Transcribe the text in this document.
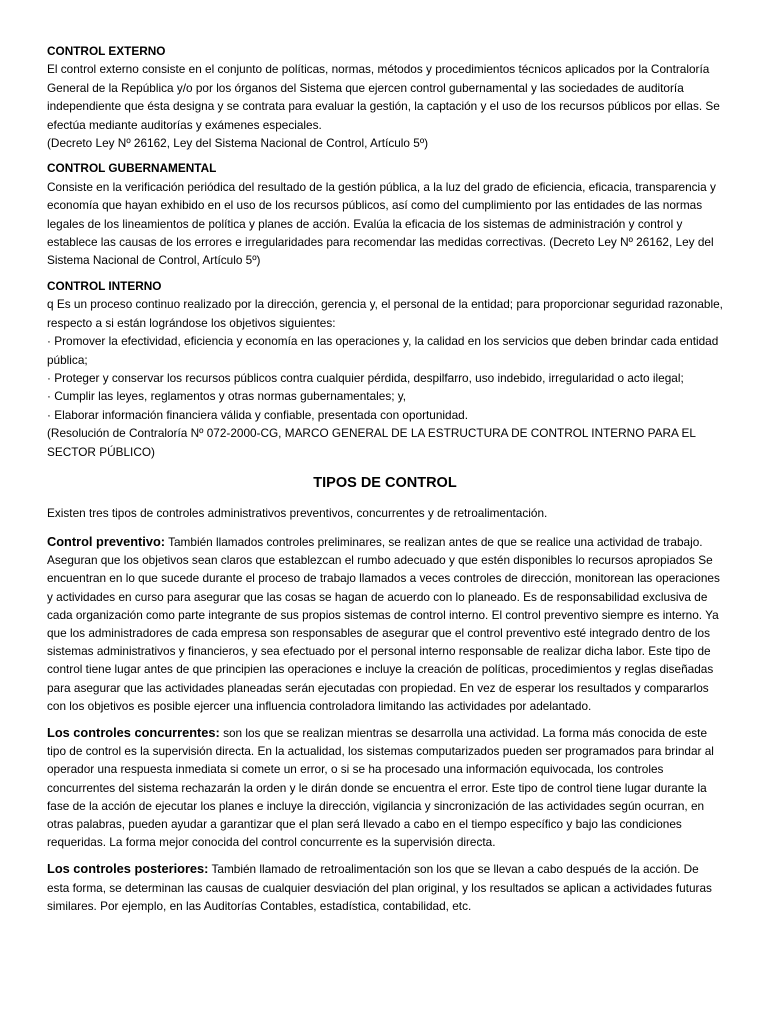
CONTROL EXTERNO

El control externo consiste en el conjunto de políticas, normas, métodos y procedimientos técnicos aplicados por la Contraloría General de la República y/o por los órganos del Sistema que ejercen control gubernamental y las sociedades de auditoría independiente que ésta designa y se contrata para evaluar la gestión, la captación y el uso de los recursos públicos por ellas. Se efectúa mediante auditorías y exámenes especiales.

(Decreto Ley Nº 26162, Ley del Sistema Nacional de Control, Artículo 5º)

CONTROL GUBERNAMENTAL

Consiste en la verificación periódica del resultado de la gestión pública, a la luz del grado de eficiencia, eficacia, transparencia y economía que hayan exhibido en el uso de los recursos públicos, así como del cumplimiento por las entidades de las normas legales de los lineamientos de política y planes de acción. Evalúa la eficacia de los sistemas de administración y control y establece las causas de los errores e irregularidades para recomendar las medidas correctivas. (Decreto Ley Nº 26162, Ley del Sistema Nacional de Control, Artículo 5º)

CONTROL INTERNO

q Es un proceso continuo realizado por la dirección, gerencia y, el personal de la entidad; para proporcionar seguridad razonable, respecto a si están lográndose los objetivos siguientes:

· Promover la efectividad, eficiencia y economía en las operaciones y, la calidad en los servicios que deben brindar cada entidad pública;

· Proteger y conservar los recursos públicos contra cualquier pérdida, despilfarro, uso indebido, irregularidad o acto ilegal;

· Cumplir las leyes, reglamentos y otras normas gubernamentales; y,

· Elaborar información financiera válida y confiable, presentada con oportunidad.

(Resolución de Contraloría Nº 072-2000-CG, MARCO GENERAL DE LA ESTRUCTURA DE CONTROL INTERNO PARA EL SECTOR PÚBLICO)

TIPOS DE CONTROL

Existen tres tipos de controles administrativos preventivos, concurrentes y de retroalimentación.

Control preventivo: También llamados controles preliminares, se realizan antes de que se realice una actividad de trabajo. Aseguran que los objetivos sean claros que establezcan el rumbo adecuado y que estén disponibles lo recursos apropiados Se encuentran en lo que sucede durante el proceso de trabajo llamados a veces controles de dirección, monitorean las operaciones y actividades en curso para asegurar que las cosas se hagan de acuerdo con lo planeado. Es de responsabilidad exclusiva de cada organización como parte integrante de sus propios sistemas de control interno. El control preventivo siempre es interno. Ya que los administradores de cada empresa son responsables de asegurar que el control preventivo esté integrado dentro de los sistemas administrativos y financieros, y sea efectuado por el personal interno responsable de realizar dicha labor. Este tipo de control tiene lugar antes de que principien las operaciones e incluye la creación de políticas, procedimientos y reglas diseñadas para asegurar que las actividades planeadas serán ejecutadas con propiedad. En vez de esperar los resultados y compararlos con los objetivos es posible ejercer una influencia controladora limitando las actividades por adelantado.

Los controles concurrentes: son los que se realizan mientras se desarrolla una actividad. La forma más conocida de este tipo de control es la supervisión directa. En la actualidad, los sistemas computarizados pueden ser programados para brindar al operador una respuesta inmediata si comete un error, o si se ha procesado una información equivocada, los controles concurrentes del sistema rechazarán la orden y le dirán donde se encuentra el error. Este tipo de control tiene lugar durante la fase de la acción de ejecutar los planes e incluye la dirección, vigilancia y sincronización de las actividades según ocurran, en otras palabras, pueden ayudar a garantizar que el plan será llevado a cabo en el tiempo específico y bajo las condiciones requeridas. La forma mejor conocida del control concurrente es la supervisión directa.

Los controles posteriores: También llamado de retroalimentación son los que se llevan a cabo después de la acción. De esta forma, se determinan las causas de cualquier desviación del plan original, y los resultados se aplican a actividades futuras similares. Por ejemplo, en las Auditorías Contables, estadística, contabilidad, etc.
